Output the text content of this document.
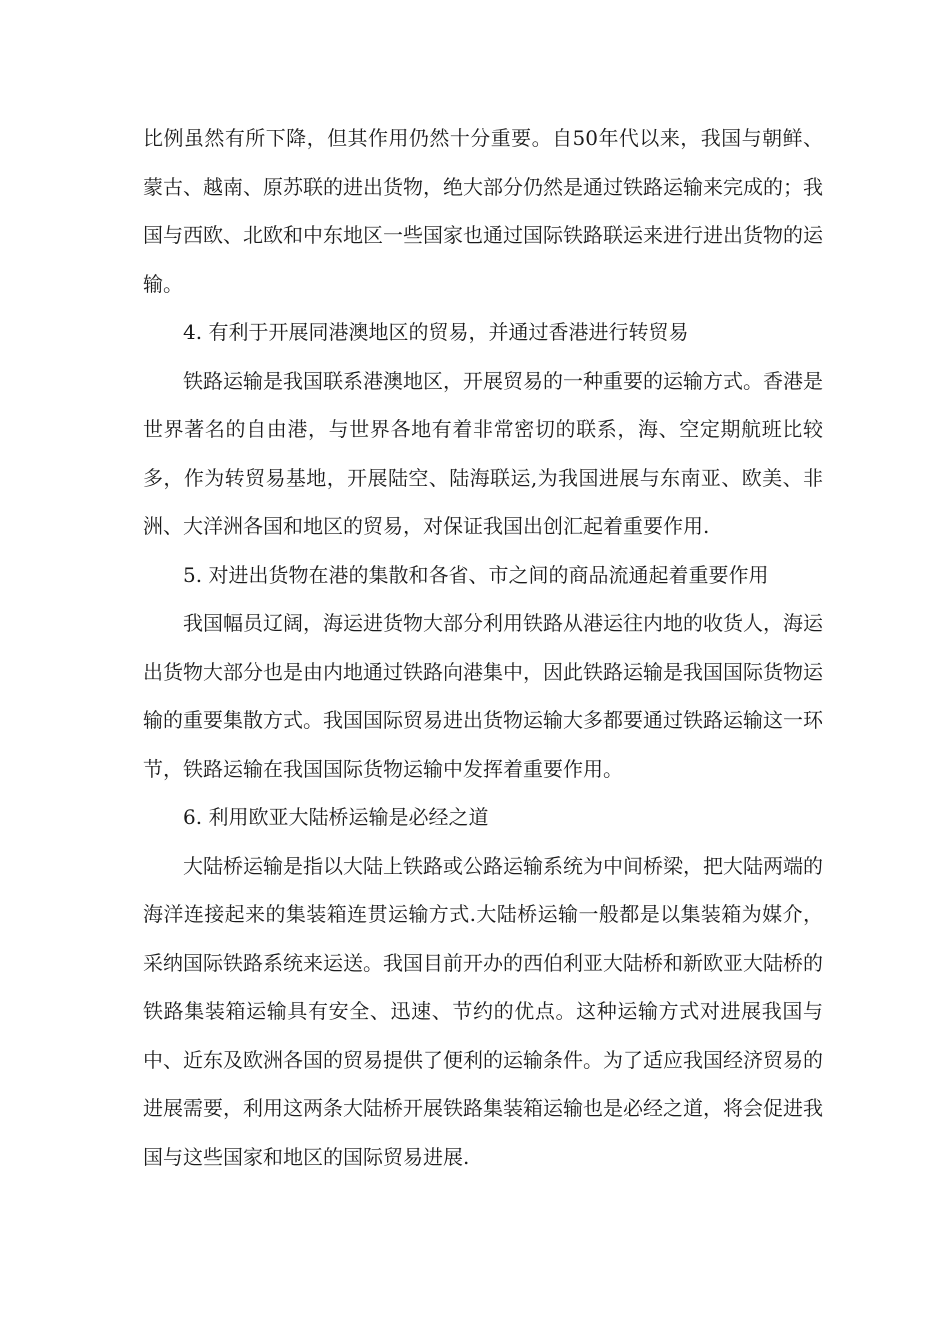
比例虽然有所下降，但其作用仍然十分重要。自50年代以来，我国与朝鲜、蒙古、越南、原苏联的进出货物，绝大部分仍然是通过铁路运输来完成的；我国与西欧、北欧和中东地区一些国家也通过国际铁路联运来进行进出货物的运输。

4. 有利于开展同港澳地区的贸易，并通过香港进行转贸易

铁路运输是我国联系港澳地区，开展贸易的一种重要的运输方式。香港是世界著名的自由港，与世界各地有着非常密切的联系，海、空定期航班比较多，作为转贸易基地，开展陆空、陆海联运,为我国进展与东南亚、欧美、非洲、大洋洲各国和地区的贸易，对保证我国出创汇起着重要作用.

5. 对进出货物在港的集散和各省、市之间的商品流通起着重要作用

我国幅员辽阔，海运进货物大部分利用铁路从港运往内地的收货人，海运出货物大部分也是由内地通过铁路向港集中，因此铁路运输是我国国际货物运输的重要集散方式。我国国际贸易进出货物运输大多都要通过铁路运输这一环节，铁路运输在我国国际货物运输中发挥着重要作用。

6. 利用欧亚大陆桥运输是必经之道

大陆桥运输是指以大陆上铁路或公路运输系统为中间桥梁，把大陆两端的海洋连接起来的集装箱连贯运输方式.大陆桥运输一般都是以集装箱为媒介，采纳国际铁路系统来运送。我国目前开办的西伯利亚大陆桥和新欧亚大陆桥的铁路集装箱运输具有安全、迅速、节约的优点。这种运输方式对进展我国与中、近东及欧洲各国的贸易提供了便利的运输条件。为了适应我国经济贸易的进展需要，利用这两条大陆桥开展铁路集装箱运输也是必经之道，将会促进我国与这些国家和地区的国际贸易进展.
